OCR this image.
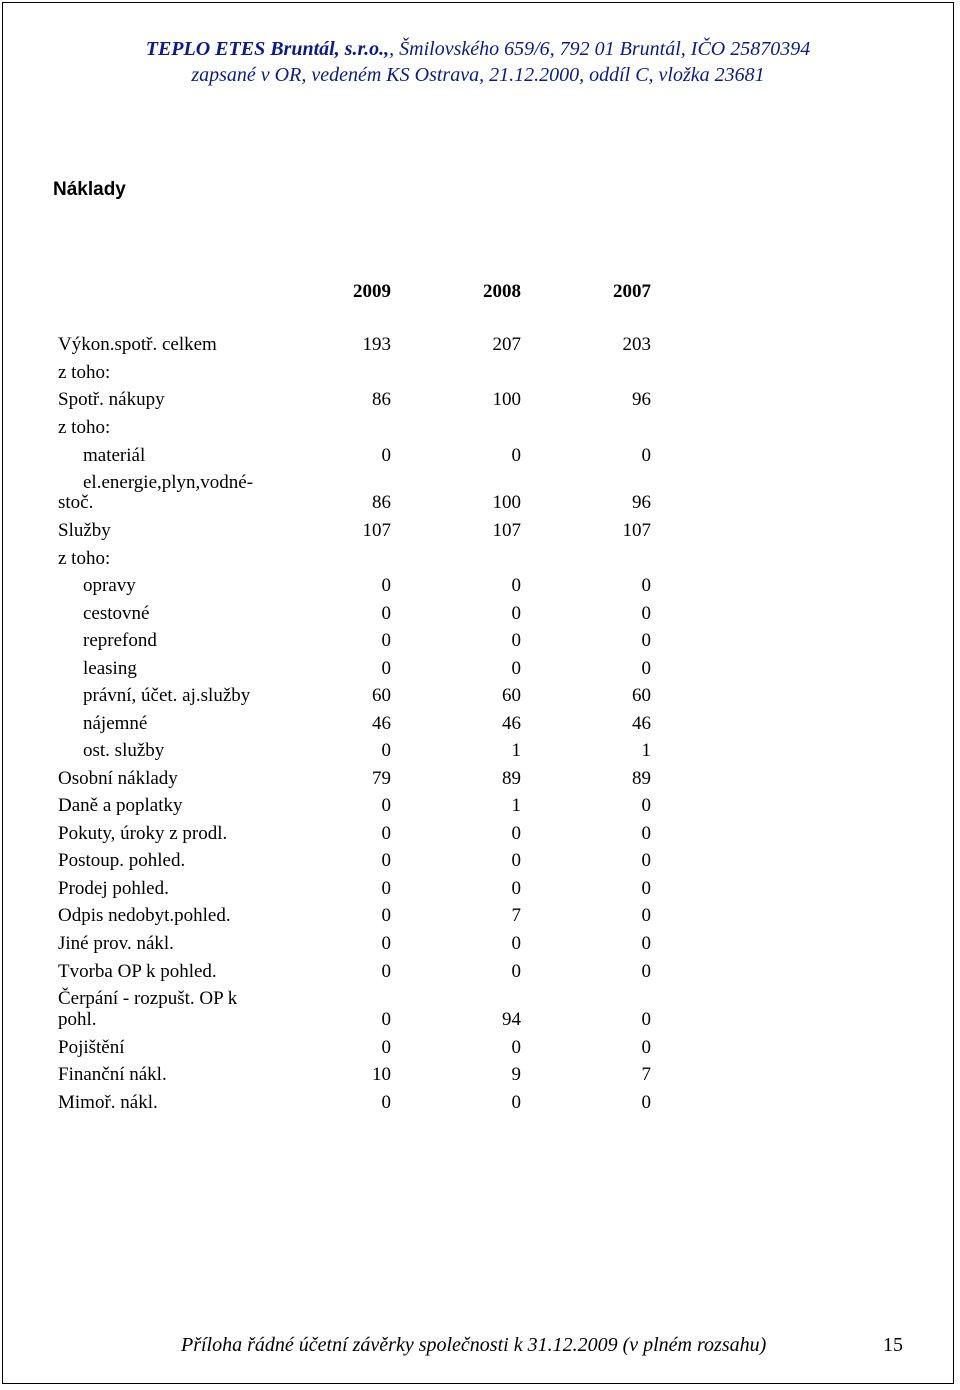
TEPLO ETES Bruntál, s.r.o.,, Šmilovského 659/6, 792 01 Bruntál, IČO 25870394
zapsané v OR, vedeném KS Ostrava, 21.12.2000, oddíl C, vložka 23681
Náklady
2009	2008	2007
Výkon.spotř. celkem	193	207	203
z toho:
Spotř. nákupy	86	100	96
z toho:
materiál	0	0	0
el.energie,plyn,vodné-
stoč.	86	100	96
Služby	107	107	107
z toho:
opravy	0	0	0
cestovné	0	0	0
reprefond	0	0	0
leasing	0	0	0
právní, účet. aj.služby	60	60	60
nájemné	46	46	46
ost. služby	0	1	1
Osobní náklady	79	89	89
Daně a poplatky	0	1	0
Pokuty, úroky z prodl.	0	0	0
Postoup. pohled.	0	0	0
Prodej pohled.	0	0	0
Odpis nedobyt.pohled.	0	7	0
Jiné prov. nákl.	0	0	0
Tvorba OP k pohled.	0	0	0
Čerpání - rozpušt. OP k
pohl.	0	94	0
Pojištění	0	0	0
Finanční nákl.	10	9	7
Mimoř. nákl.	0	0	0
Příloha řádné účetní závěrky společnosti k 31.12.2009 (v plném rozsahu)	15
